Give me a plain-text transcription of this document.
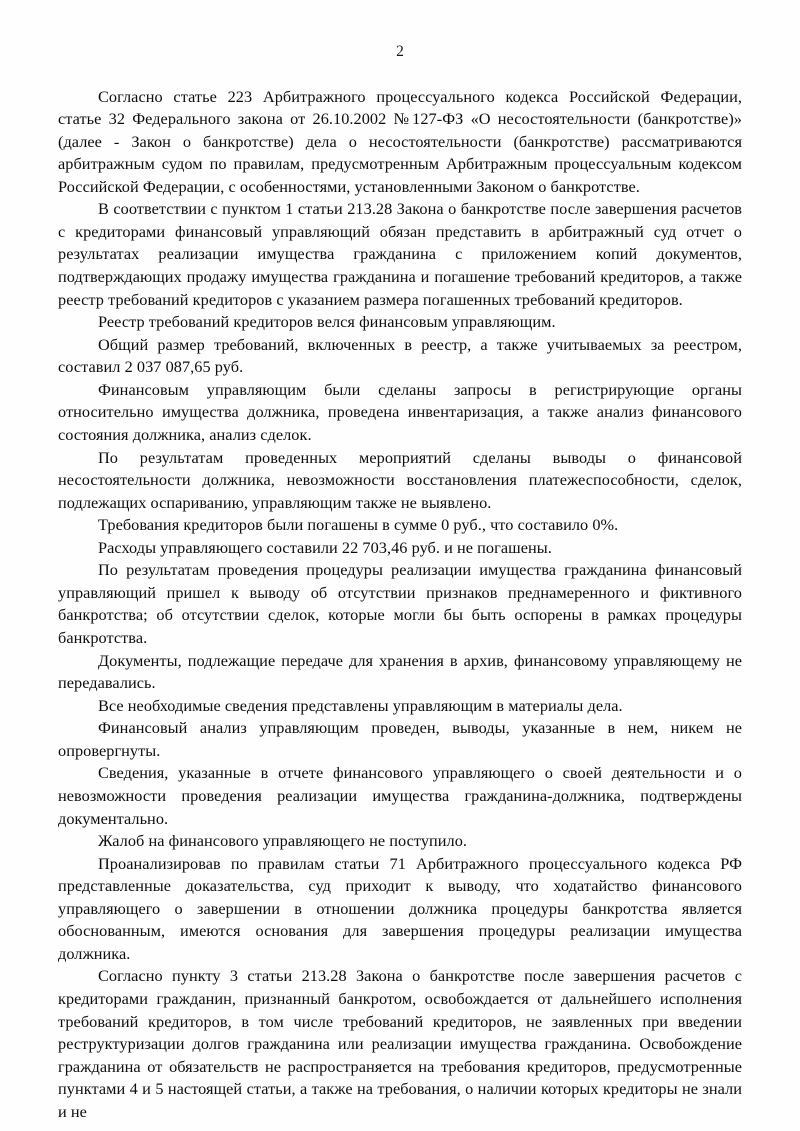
2

Согласно статье 223 Арбитражного процессуального кодекса Российской Федерации, статье 32 Федерального закона от 26.10.2002 №127-ФЗ «О несостоятельности (банкротстве)» (далее - Закон о банкротстве) дела о несостоятельности (банкротстве) рассматриваются арбитражным судом по правилам, предусмотренным Арбитражным процессуальным кодексом Российской Федерации, с особенностями, установленными Законом о банкротстве.

В соответствии с пунктом 1 статьи 213.28 Закона о банкротстве после завершения расчетов с кредиторами финансовый управляющий обязан представить в арбитражный суд отчет о результатах реализации имущества гражданина с приложением копий документов, подтверждающих продажу имущества гражданина и погашение требований кредиторов, а также реестр требований кредиторов с указанием размера погашенных требований кредиторов.

Реестр требований кредиторов велся финансовым управляющим.

Общий размер требований, включенных в реестр, а также учитываемых за реестром, составил 2 037 087,65 руб.

Финансовым управляющим были сделаны запросы в регистрирующие органы относительно имущества должника, проведена инвентаризация, а также анализ финансового состояния должника, анализ сделок.

По результатам проведенных мероприятий сделаны выводы о финансовой несостоятельности должника, невозможности восстановления платежеспособности, сделок, подлежащих оспариванию, управляющим также не выявлено.

Требования кредиторов были погашены в сумме 0 руб., что составило 0%.

Расходы управляющего составили 22 703,46 руб. и не погашены.

По результатам проведения процедуры реализации имущества гражданина финансовый управляющий пришел к выводу об отсутствии признаков преднамеренного и фиктивного банкротства; об отсутствии сделок, которые могли бы быть оспорены в рамках процедуры банкротства.

Документы, подлежащие передаче для хранения в архив, финансовому управляющему не передавались.

Все необходимые сведения представлены управляющим в материалы дела.

Финансовый анализ управляющим проведен, выводы, указанные в нем, никем не опровергнуты.

Сведения, указанные в отчете финансового управляющего о своей деятельности и о невозможности проведения реализации имущества гражданина-должника, подтверждены документально.

Жалоб на финансового управляющего не поступило.

Проанализировав по правилам статьи 71 Арбитражного процессуального кодекса РФ представленные доказательства, суд приходит к выводу, что ходатайство финансового управляющего о завершении в отношении должника процедуры банкротства является обоснованным, имеются основания для завершения процедуры реализации имущества должника.

Согласно пункту 3 статьи 213.28 Закона о банкротстве после завершения расчетов с кредиторами гражданин, признанный банкротом, освобождается от дальнейшего исполнения требований кредиторов, в том числе требований кредиторов, не заявленных при введении реструктуризации долгов гражданина или реализации имущества гражданина. Освобождение гражданина от обязательств не распространяется на требования кредиторов, предусмотренные пунктами 4 и 5 настоящей статьи, а также на требования, о наличии которых кредиторы не знали и не
